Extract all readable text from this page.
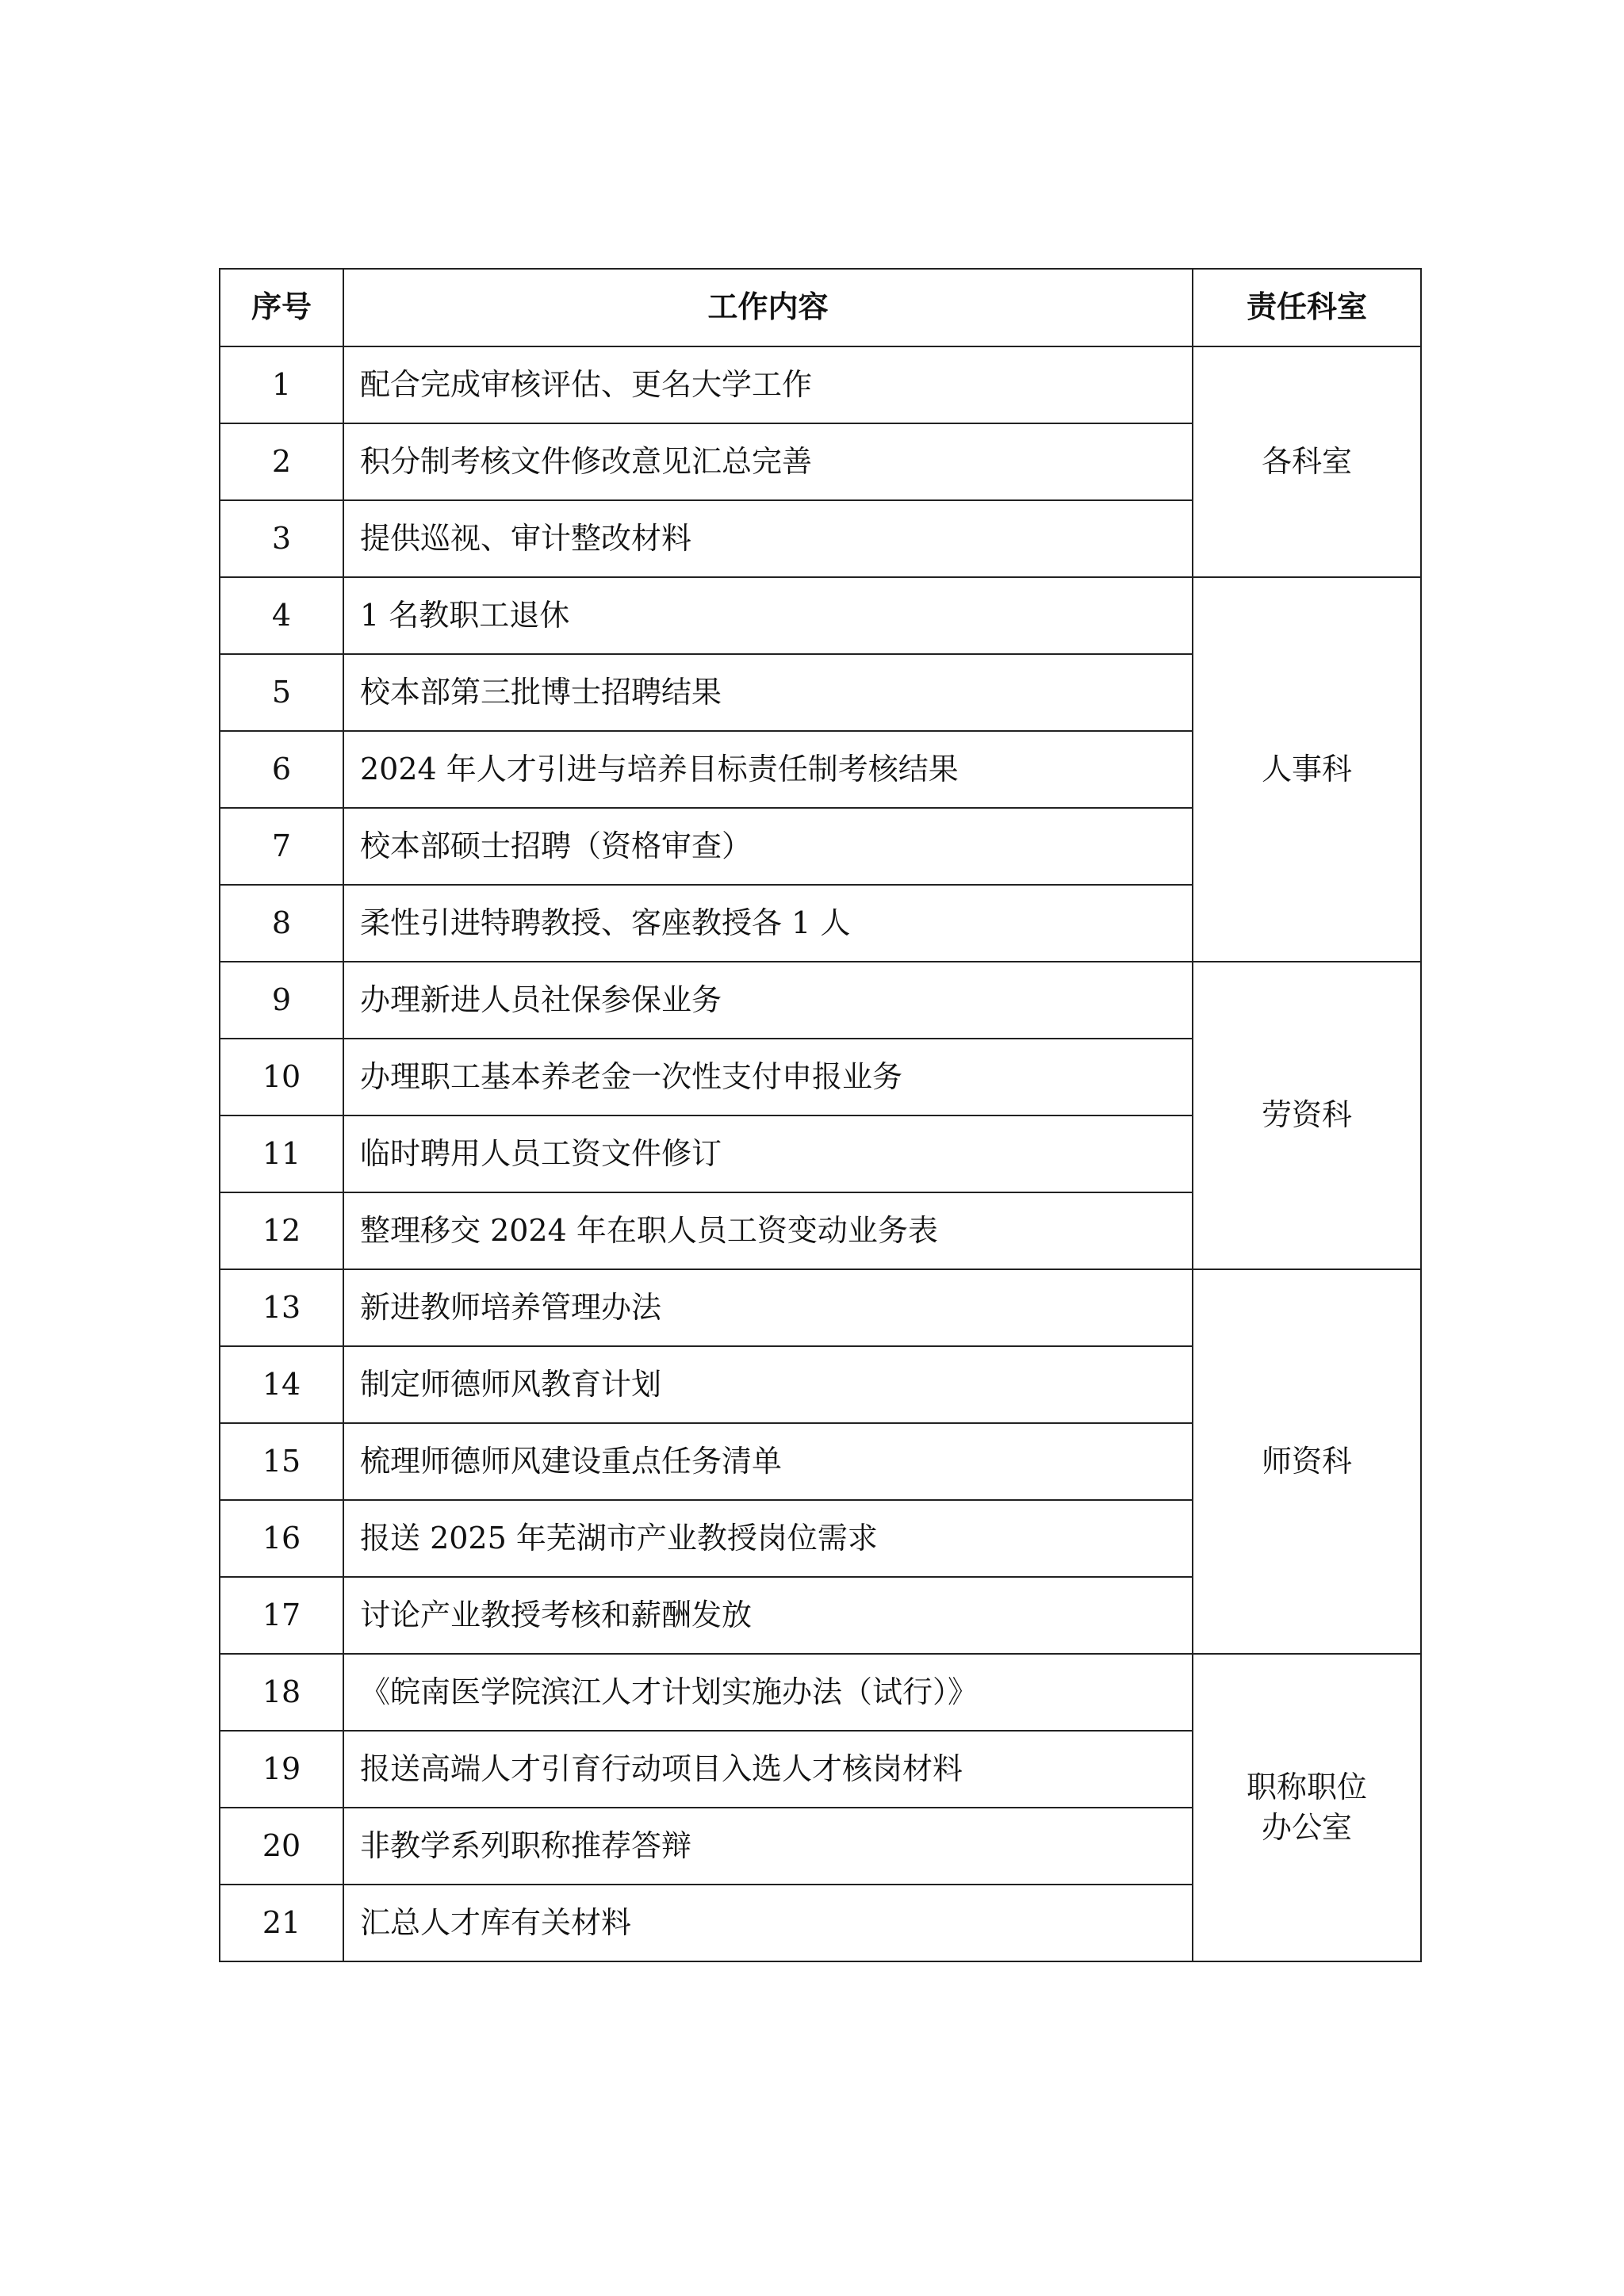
序号	工作内容	责任科室
1	配合完成审核评估、更名大学工作	各科室

2	积分制考核文件修改意见汇总完善	
3	提供巡视、审计整改材料	
4	1 名教职工退休	人事科

5	校本部第三批博士招聘结果	
6	2024 年人才引进与培养目标责任制考核结果	
7	校本部硕士招聘（资格审查）	
8	柔性引进特聘教授、客座教授各 1 人	
9	办理新进人员社保参保业务	劳资科

10	办理职工基本养老金一次性支付申报业务	
11	临时聘用人员工资文件修订	
12	整理移交 2024 年在职人员工资变动业务表	
13	新进教师培养管理办法	师资科

14	制定师德师风教育计划	
15	梳理师德师风建设重点任务清单	
16	报送 2025 年芜湖市产业教授岗位需求	
17	讨论产业教授考核和薪酬发放	
18	《皖南医学院滨江人才计划实施办法（试行）》	职称职位
办公室

19	报送高端人才引育行动项目入选人才核岗材料	
20	非教学系列职称推荐答辩	
21	汇总人才库有关材料	
